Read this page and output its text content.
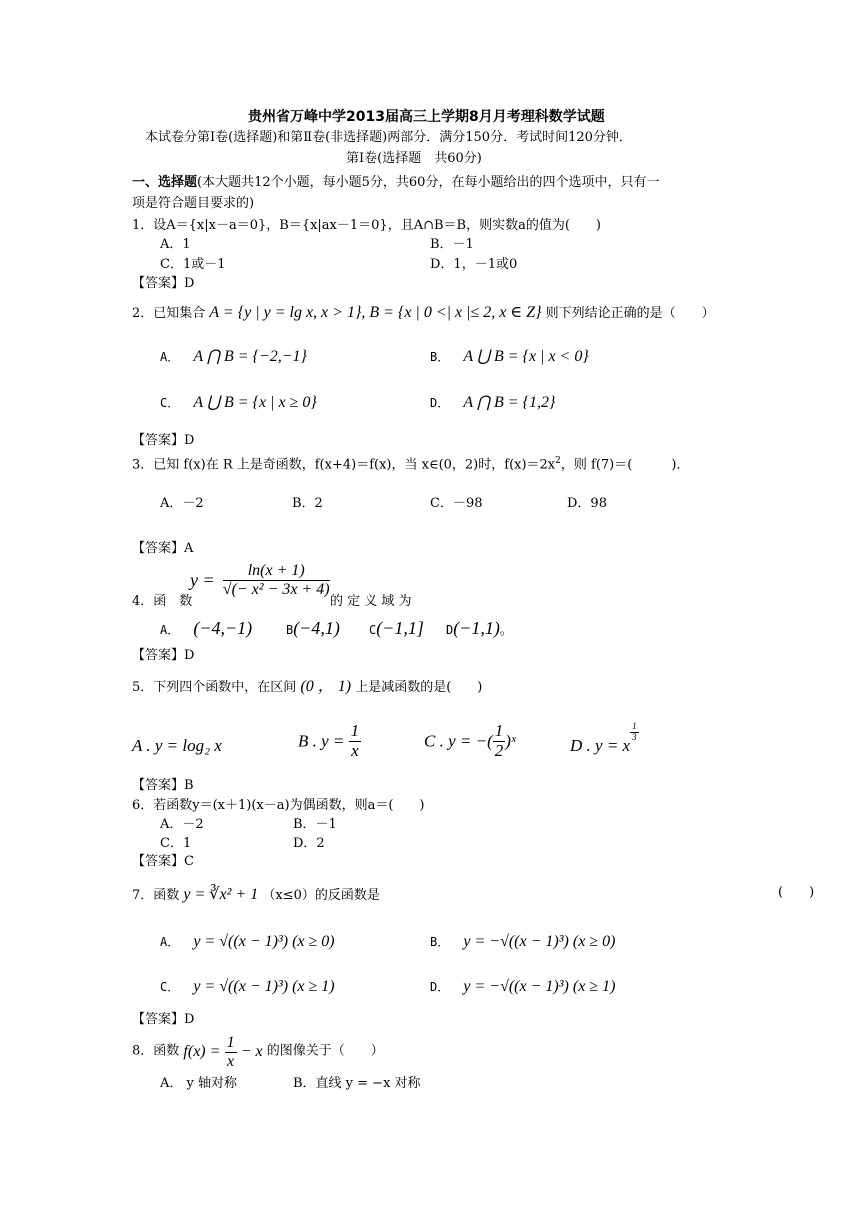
贵州省万峰中学2013届高三上学期8月月考理科数学试题
本试卷分第Ⅰ卷(选择题)和第Ⅱ卷(非选择题)两部分．满分150分．考试时间120分钟．
第Ⅰ卷(选择题　共60分)
一、选择题(本大题共12个小题，每小题5分，共60分，在每小题给出的四个选项中，只有一
项是符合题目要求的)
1．设A＝{x|x－a＝0}，B＝{x|ax－1＝0}，且A∩B＝B，则实数a的值为(　　)
A．1	B．－1
C．1或－1	D．1，－1或0
【答案】D
2．已知集合 A = {y | y = lg x, x > 1}, B = {x | 0 <| x |≤ 2, x ∈ Z} 则下列结论正确的是（　　）
A． A ⋂ B = {−2,−1}	B． A ⋃ B = {x | x < 0}
C． A ⋃ B = {x | x ≥ 0}	D． A ⋂ B = {1,2}
【答案】D
3．已知 f(x)在 R 上是奇函数，f(x+4)＝f(x)，当 x∈(0，2)时，$f(x)=2x^2$，则 f(7)＝(　　　)．
A．－2	B．2	C．－98	D．98
【答案】A
$y = \frac{\ln(x + 1)}{\text{√(− x² − 3x + 4)}}$
4．函　数	的 定 义 域 为
A． (−4,−1)	B(−4,1) C(−1,1] D(−1,1)。
【答案】D
5．下列四个函数中，在区间 (0 ， 1) 上是减函数的是(　　)
A . y = log₂ x	B . $y = \frac{1}{x}$	C . y = −( $\frac{1}{2}$ )ˣ	D . y = x
$\frac{1}{3}$
【答案】B
6．若函数y＝(x＋1)(x－a)为偶函数，则a＝(　　)
A．－2	B．－1
C．1	D．2
【答案】C
7．函数 y = ∛x² + 1 （x≤0）的反函数是	(　　)
A． y = √((x − 1)³) (x ≥ 0)	B． y = −√((x − 1)³) (x ≥ 0)
C． y = √((x − 1)³) (x ≥ 1)	D． y = −√((x − 1)³) (x ≥ 1)
【答案】D
8．函数 $f(x) = \frac{1}{x} - x$ 的图像关于（　　）
A． y 轴对称	B．直线 y = −x 对称
